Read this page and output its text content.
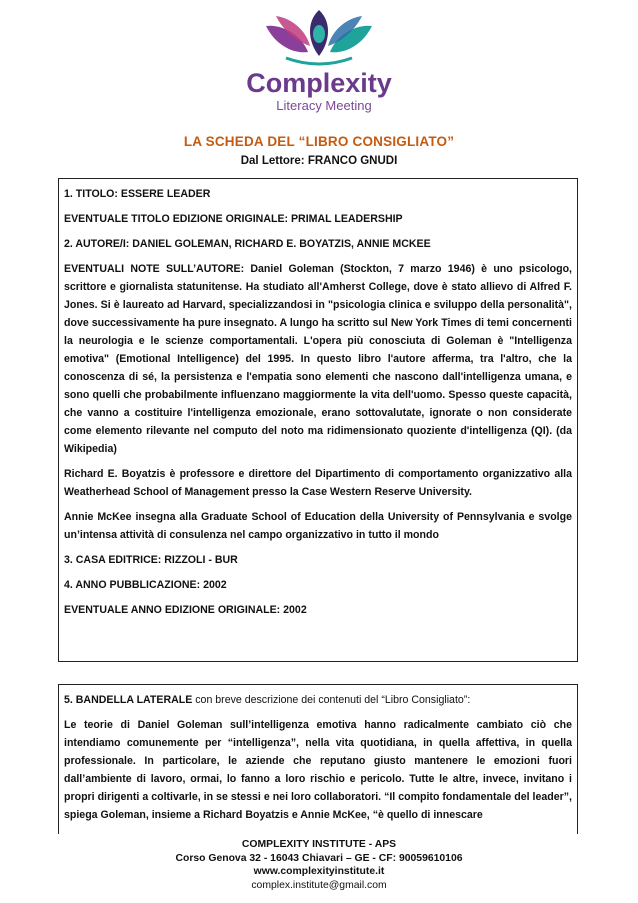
Complexity
Literacy Meeting
LA SCHEDA DEL “LIBRO CONSIGLIATO”
Dal Lettore: FRANCO GNUDI
1. TITOLO: ESSERE LEADER
EVENTUALE TITOLO EDIZIONE ORIGINALE: PRIMAL LEADERSHIP
2. AUTORE/I: DANIEL GOLEMAN, RICHARD E. BOYATZIS, ANNIE MCKEE
EVENTUALI NOTE SULL’AUTORE: Daniel Goleman (Stockton, 7 marzo 1946) è uno psicologo, scrittore e giornalista statunitense. Ha studiato all'Amherst College, dove è stato allievo di Alfred F. Jones. Si è laureato ad Harvard, specializzandosi in "psicologia clinica e sviluppo della personalità", dove successivamente ha pure insegnato. A lungo ha scritto sul New York Times di temi concernenti la neurologia e le scienze comportamentali. L'opera più conosciuta di Goleman è "Intelligenza emotiva" (Emotional Intelligence) del 1995. In questo libro l'autore afferma, tra l'altro, che la conoscenza di sé, la persistenza e l'empatia sono elementi che nascono dall'intelligenza umana, e sono quelli che probabilmente influenzano maggiormente la vita dell'uomo. Spesso queste capacità, che vanno a costituire l'intelligenza emozionale, erano sottovalutate, ignorate o non considerate come elemento rilevante nel computo del noto ma ridimensionato quoziente d'intelligenza (QI). (da Wikipedia)
Richard E. Boyatzis è professore e direttore del Dipartimento di comportamento organizzativo alla Weatherhead School of Management presso la Case Western Reserve University.
Annie McKee insegna alla Graduate School of Education della University of Pennsylvania e svolge un’intensa attività di consulenza nel campo organizzativo in tutto il mondo
3. CASA EDITRICE: RIZZOLI - BUR
4. ANNO PUBBLICAZIONE: 2002
EVENTUALE ANNO EDIZIONE ORIGINALE: 2002
5. BANDELLA LATERALE con breve descrizione dei contenuti del “Libro Consigliato”:
Le teorie di Daniel Goleman sull’intelligenza emotiva hanno radicalmente cambiato ciò che intendiamo comunemente per “intelligenza”, nella vita quotidiana, in quella affettiva, in quella professionale. In particolare, le aziende che reputano giusto mantenere le emozioni fuori dall’ambiente di lavoro, ormai, lo fanno a loro rischio e pericolo. Tutte le altre, invece, invitano i propri dirigenti a coltivarle, in se stessi e nei loro collaboratori. “Il compito fondamentale del leader”, spiega Goleman, insieme a Richard Boyatzis e Annie McKee, “è quello di innescare
COMPLEXITY INSTITUTE - APS
Corso Genova 32 - 16043 Chiavari – GE - CF: 90059610106
www.complexityinstitute.it
complex.institute@gmail.com
